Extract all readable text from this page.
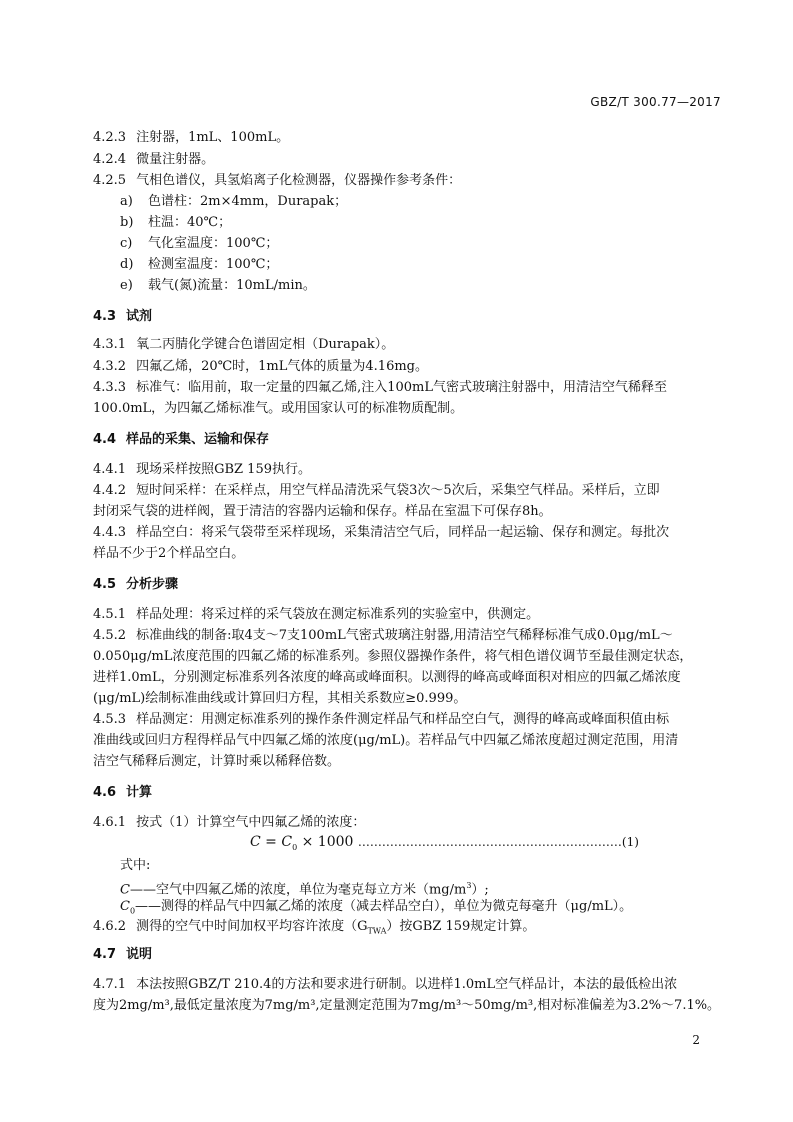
GBZ/T 300.77—2017
4.2.3 注射器，1mL、100mL。
4.2.4 微量注射器。
4.2.5 气相色谱仪，具氢焰离子化检测器，仪器操作参考条件：
a) 色谱柱：2m×4mm，Durapak；
b) 柱温：40℃；
c) 气化室温度：100℃；
d) 检测室温度：100℃；
e) 载气(氮)流量：10mL/min。
4.3 试剂
4.3.1 氧二丙腈化学键合色谱固定相（Durapak）。
4.3.2 四氟乙烯，20℃时，1mL气体的质量为4.16mg。
4.3.3 标准气：临用前，取一定量的四氟乙烯,注入100mL气密式玻璃注射器中，用清洁空气稀释至
100.0mL，为四氟乙烯标准气。或用国家认可的标准物质配制。
4.4 样品的采集、运输和保存
4.4.1 现场采样按照GBZ 159执行。
4.4.2 短时间采样：在采样点，用空气样品清洗采气袋3次～5次后，采集空气样品。采样后，立即
封闭采气袋的进样阀，置于清洁的容器内运输和保存。样品在室温下可保存8h。
4.4.3 样品空白：将采气袋带至采样现场，采集清洁空气后，同样品一起运输、保存和测定。每批次
样品不少于2个样品空白。
4.5 分析步骤
4.5.1 样品处理：将采过样的采气袋放在测定标准系列的实验室中，供测定。
4.5.2 标准曲线的制备:取4支～7支100mL气密式玻璃注射器,用清洁空气稀释标准气成0.0μg/mL～
0.050μg/mL浓度范围的四氟乙烯的标准系列。参照仪器操作条件，将气相色谱仪调节至最佳测定状态，
进样1.0mL，分别测定标准系列各浓度的峰高或峰面积。以测得的峰高或峰面积对相应的四氟乙烯浓度
(μg/mL)绘制标准曲线或计算回归方程，其相关系数应≥0.999。
4.5.3 样品测定：用测定标准系列的操作条件测定样品气和样品空白气，测得的峰高或峰面积值由标
准曲线或回归方程得样品气中四氟乙烯的浓度(μg/mL)。若样品气中四氟乙烯浓度超过测定范围，用清
洁空气稀释后测定，计算时乘以稀释倍数。
4.6 计算
4.6.1 按式（1）计算空气中四氟乙烯的浓度：
$C = C_0 \times 1000$ …………………………………………………………(1)
式中:
C——空气中四氟乙烯的浓度，单位为毫克每立方米$(mg/m^3)$;
$C_0——$测得的样品气中四氟乙烯的浓度（减去样品空白），单位为微克每毫升（μg/mL）。
4.6.2 测得的空气中时间加权平均容许浓度$(G_{TWA})$按GBZ 159规定计算。
4.7 说明
4.7.1 本法按照GBZ/T 210.4的方法和要求进行研制。以进样1.0mL空气样品计，本法的最低检出浓
度为2mg/m³,最低定量浓度为7mg/m³,定量测定范围为7mg/m³～50mg/m³,相对标准偏差为3.2%～7.1%。
2
